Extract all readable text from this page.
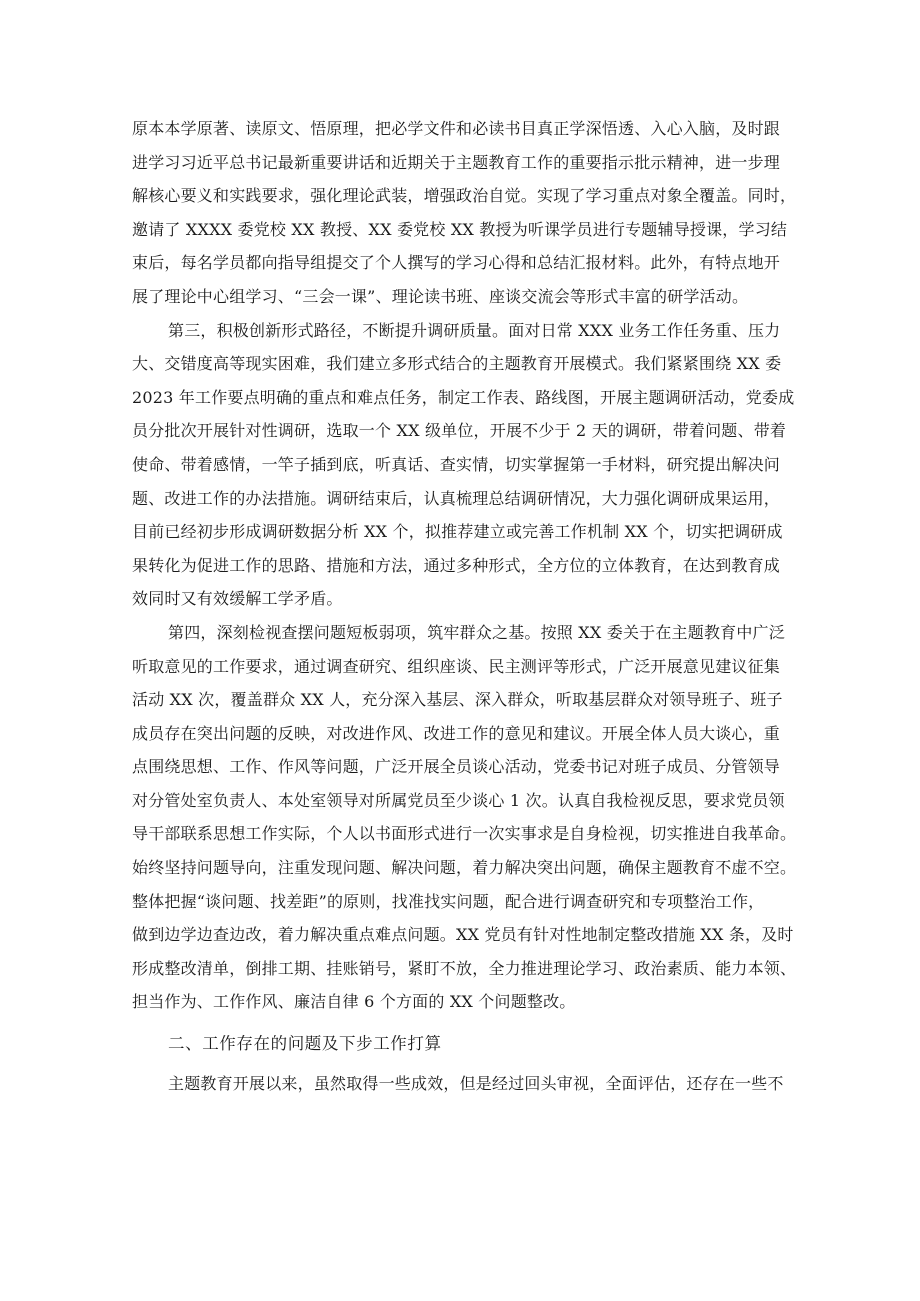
原本本学原著、读原文、悟原理，把必学文件和必读书目真正学深悟透、入心入脑，及时跟
进学习习近平总书记最新重要讲话和近期关于主题教育工作的重要指示批示精神，进一步理
解核心要义和实践要求，强化理论武装，增强政治自觉。实现了学习重点对象全覆盖。同时，
邀请了 XXXX 委党校 XX 教授、XX 委党校 XX 教授为听课学员进行专题辅导授课，学习结
束后，每名学员都向指导组提交了个人撰写的学习心得和总结汇报材料。此外，有特点地开
展了理论中心组学习、“三会一课”、理论读书班、座谈交流会等形式丰富的研学活动。
第三，积极创新形式路径，不断提升调研质量。面对日常 XXX 业务工作任务重、压力
大、交错度高等现实困难，我们建立多形式结合的主题教育开展模式。我们紧紧围绕 XX 委
2023 年工作要点明确的重点和难点任务，制定工作表、路线图，开展主题调研活动，党委成
员分批次开展针对性调研，选取一个 XX 级单位，开展不少于 2 天的调研，带着问题、带着
使命、带着感情，一竿子插到底，听真话、查实情，切实掌握第一手材料，研究提出解决问
题、改进工作的办法措施。调研结束后，认真梳理总结调研情况，大力强化调研成果运用，
目前已经初步形成调研数据分析 XX 个，拟推荐建立或完善工作机制 XX 个，切实把调研成
果转化为促进工作的思路、措施和方法，通过多种形式，全方位的立体教育，在达到教育成
效同时又有效缓解工学矛盾。
第四，深刻检视查摆问题短板弱项，筑牢群众之基。按照 XX 委关于在主题教育中广泛
听取意见的工作要求，通过调查研究、组织座谈、民主测评等形式，广泛开展意见建议征集
活动 XX 次，覆盖群众 XX 人，充分深入基层、深入群众，听取基层群众对领导班子、班子
成员存在突出问题的反映，对改进作风、改进工作的意见和建议。开展全体人员大谈心，重
点围绕思想、工作、作风等问题，广泛开展全员谈心活动，党委书记对班子成员、分管领导
对分管处室负责人、本处室领导对所属党员至少谈心 1 次。认真自我检视反思，要求党员领
导干部联系思想工作实际，个人以书面形式进行一次实事求是自身检视，切实推进自我革命。
始终坚持问题导向，注重发现问题、解决问题，着力解决突出问题，确保主题教育不虚不空。
整体把握“谈问题、找差距”的原则，找准找实问题，配合进行调查研究和专项整治工作，
做到边学边查边改，着力解决重点难点问题。XX 党员有针对性地制定整改措施 XX 条，及时
形成整改清单，倒排工期、挂账销号，紧盯不放，全力推进理论学习、政治素质、能力本领、
担当作为、工作作风、廉洁自律 6 个方面的 XX 个问题整改。
二、工作存在的问题及下步工作打算
主题教育开展以来，虽然取得一些成效，但是经过回头审视，全面评估，还存在一些不
